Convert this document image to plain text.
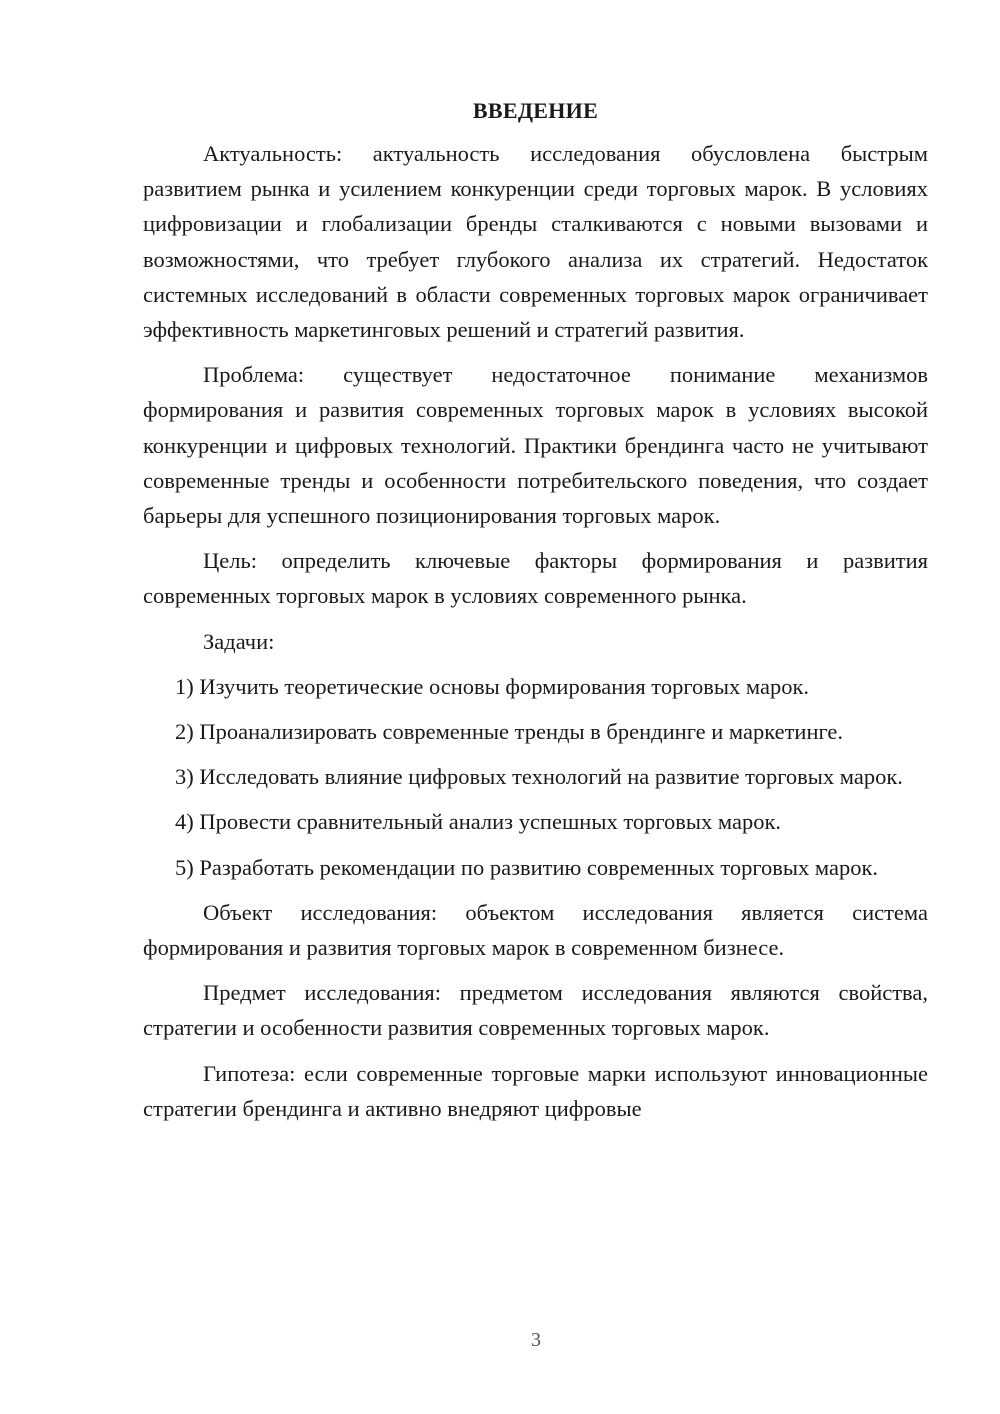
ВВЕДЕНИЕ

Актуальность: актуальность исследования обусловлена быстрым развитием рынка и усилением конкуренции среди торговых марок. В условиях цифровизации и глобализации бренды сталкиваются с новыми вызовами и возможностями, что требует глубокого анализа их стратегий. Недостаток системных исследований в области современных торговых марок ограничивает эффективность маркетинговых решений и стратегий развития.

Проблема: существует недостаточное понимание механизмов формирования и развития современных торговых марок в условиях высокой конкуренции и цифровых технологий. Практики брендинга часто не учитывают современные тренды и особенности потребительского поведения, что создает барьеры для успешного позиционирования торговых марок.

Цель: определить ключевые факторы формирования и развития современных торговых марок в условиях современного рынка.

Задачи:

1) Изучить теоретические основы формирования торговых марок.

2) Проанализировать современные тренды в брендинге и маркетинге.

3) Исследовать влияние цифровых технологий на развитие торговых марок.

4) Провести сравнительный анализ успешных торговых марок.

5) Разработать рекомендации по развитию современных торговых марок.

Объект исследования: объектом исследования является система формирования и развития торговых марок в современном бизнесе.

Предмет исследования: предметом исследования являются свойства, стратегии и особенности развития современных торговых марок.

Гипотеза: если современные торговые марки используют инновационные стратегии брендинга и активно внедряют цифровые

3
